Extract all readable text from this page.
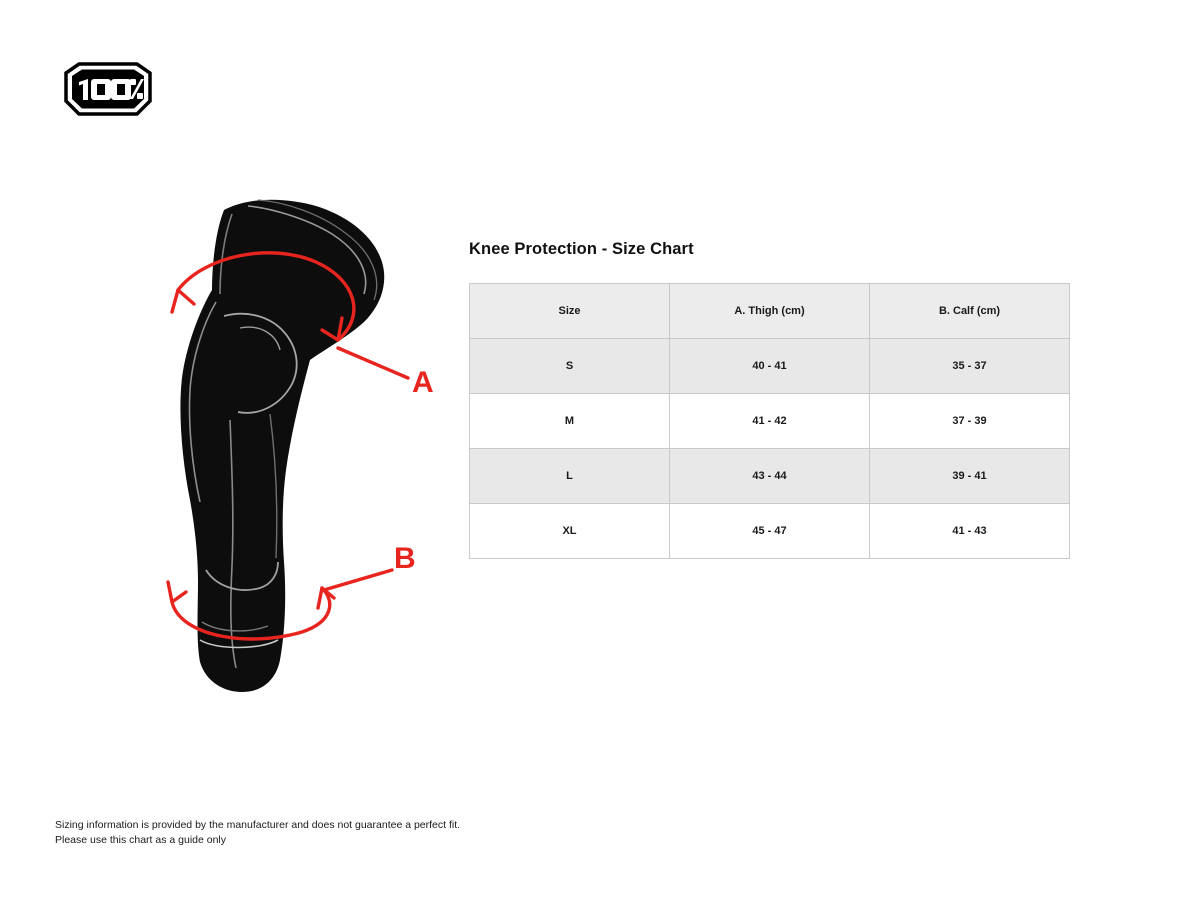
A
B
Knee Protection - Size Chart
Size	A. Thigh (cm)	B. Calf (cm)
S	40 - 41	35 - 37
M	41 - 42	37 - 39
L	43 - 44	39 - 41
XL	45 - 47	41 - 43
Sizing information is provided by the manufacturer and does not guarantee a perfect fit.
Please use this chart as a guide only
